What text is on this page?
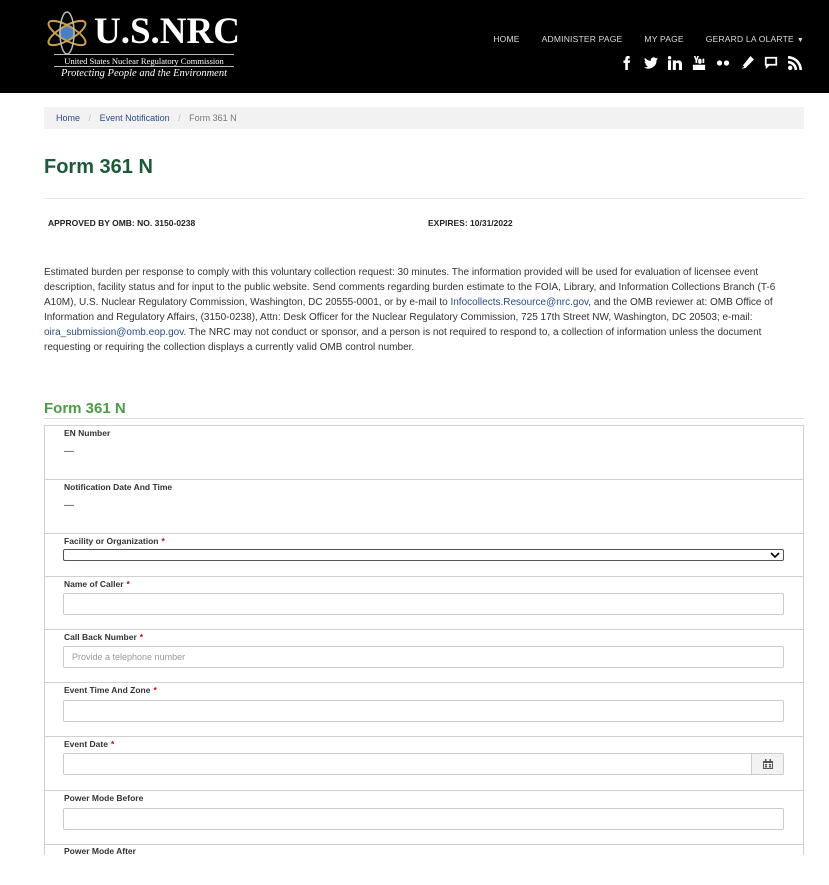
U.S.NRC
United States Nuclear Regulatory Commission
Protecting People and the Environment
HOME	ADMINISTER PAGE	MY PAGE	GERARD LA OLARTE ▼
Home / Event Notification / Form 361 N
Form 361 N
APPROVED BY OMB: NO. 3150-0238	EXPIRES: 10/31/2022

Estimated burden per response to comply with this voluntary collection request: 30 minutes. The information provided will be used for evaluation of licensee event description, facility status and for input to the public website. Send comments regarding burden estimate to the FOIA, Library, and Information Collections Branch (T-6 A10M), U.S. Nuclear Regulatory Commission, Washington, DC 20555-0001, or by e-mail to Infocollects.Resource@nrc.gov, and the OMB reviewer at: OMB Office of Information and Regulatory Affairs, (3150-0238), Attn: Desk Officer for the Nuclear Regulatory Commission, 725 17th Street NW, Washington, DC 20503; e-mail: oira_submission@omb.eop.gov. The NRC may not conduct or sponsor, and a person is not required to respond to, a collection of information unless the document requesting or requiring the collection displays a currently valid OMB control number.

Form 361 N
EN Number
—
Notification Date And Time
—
Facility or Organization *
Name of Caller *
Call Back Number *
Provide a telephone number
Event Time And Zone *
Event Date *
Power Mode Before
Power Mode After
